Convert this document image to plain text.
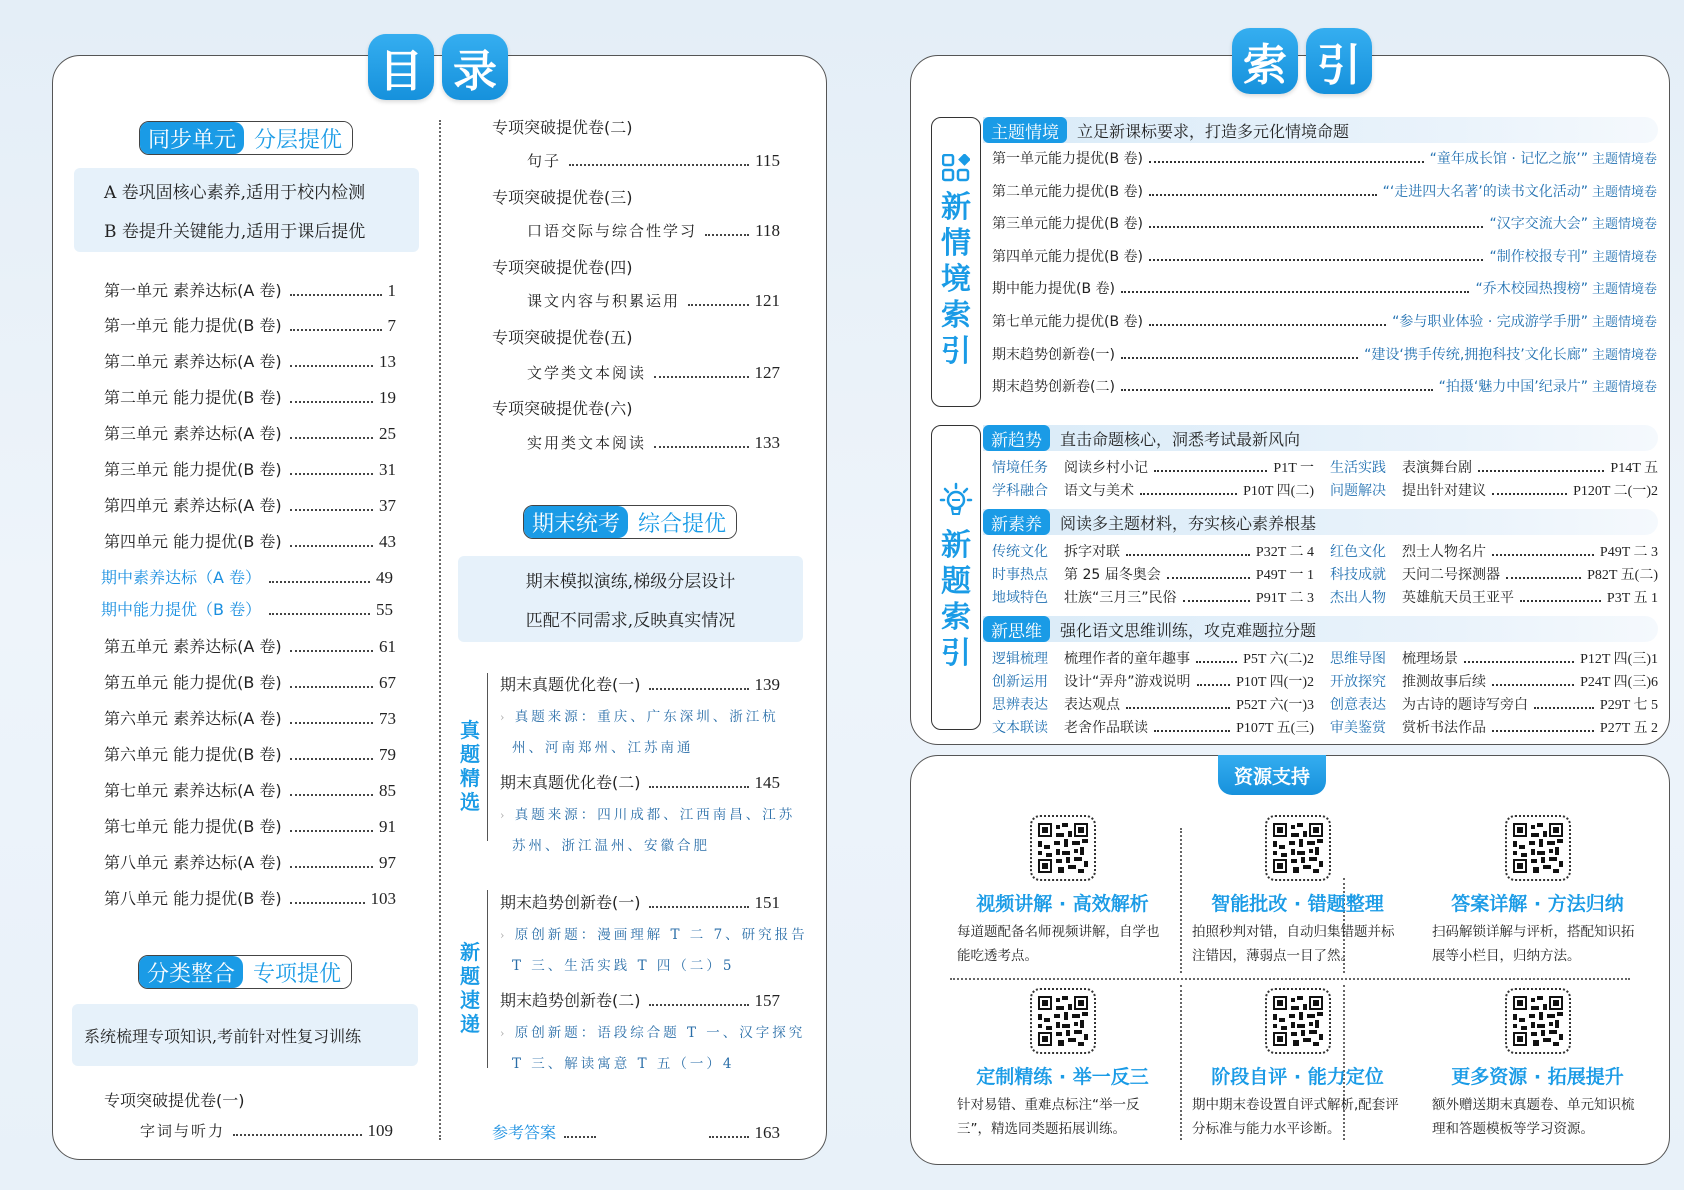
目 录
同步单元 分层提优
A 卷巩固核心素养,适用于校内检测
B 卷提升关键能力,适用于课后提优
第一单元 素养达标(A 卷)	1
第一单元 能力提优(B 卷)	7
第二单元 素养达标(A 卷)	13
第二单元 能力提优(B 卷)	19
第三单元 素养达标(A 卷)	25
第三单元 能力提优(B 卷)	31
第四单元 素养达标(A 卷)	37
第四单元 能力提优(B 卷)	43
期中素养达标（A 卷）	49
期中能力提优（B 卷）	55
第五单元 素养达标(A 卷)	61
第五单元 能力提优(B 卷)	67
第六单元 素养达标(A 卷)	73
第六单元 能力提优(B 卷)	79
第七单元 素养达标(A 卷)	85
第七单元 能力提优(B 卷)	91
第八单元 素养达标(A 卷)	97
第八单元 能力提优(B 卷)	103
分类整合 专项提优
系统梳理专项知识,考前针对性复习训练
专项突破提优卷(一)
字词与听力	109
专项突破提优卷(二)
句子	115
专项突破提优卷(三)
口语交际与综合性学习	118
专项突破提优卷(四)
课文内容与积累运用	121
专项突破提优卷(五)
文学类文本阅读	127
专项突破提优卷(六)
实用类文本阅读	133
期末统考 综合提优
期末模拟演练,梯级分层设计
匹配不同需求,反映真实情况
真
题
精
选
新
题
速
递
期末真题优化卷(一)	139
› 真题来源：重庆、广东深圳、浙江杭
州、河南郑州、江苏南通
期末真题优化卷(二)	145
› 真题来源：四川成都、江西南昌、江苏
苏州、浙江温州、安徽合肥
期末趋势创新卷(一)	151
› 原创新题：漫画理解 T 二 7、研究报告
T 三、生活实践 T 四（二）5
期末趋势创新卷(二)	157
› 原创新题：语段综合题 T 一、汉字探究
T 三、解读寓意 T 五（一）4
参考答案	163
索 引
新
情
境
索
引
主题情境	立足新课标要求，打造多元化情境命题
第一单元能力提优(B 卷)	“童年成长馆 · 记忆之旅’” 主题情境卷
第二单元能力提优(B 卷)	“‘走进四大名著’的读书文化活动” 主题情境卷
第三单元能力提优(B 卷)	“汉字交流大会” 主题情境卷
第四单元能力提优(B 卷)	“制作校报专刊” 主题情境卷
期中能力提优(B 卷)	“乔木校园热搜榜” 主题情境卷
第七单元能力提优(B 卷)	“参与职业体验 · 完成游学手册” 主题情境卷
期末趋势创新卷(一)	“建设‘携手传统,拥抱科技’文化长廊” 主题情境卷
期末趋势创新卷(二)	“拍摄‘魅力中国’纪录片” 主题情境卷
新
题
索
引
新趋势	直击命题核心，洞悉考试最新风向
情境任务	阅读乡村小记	P1T 一 生活实践	表演舞台剧	P14T 五
学科融合	语文与美术	P10T 四(二) 问题解决	提出针对建议	P120T 二(一)2
新素养	阅读多主题材料，夯实核心素养根基
传统文化	拆字对联	P32T 二 4 红色文化	烈士人物名片	P49T 二 3
时事热点	第 25 届冬奥会	P49T 一 1 科技成就	天问二号探测器	P82T 五(二)
地域特色	壮族“三月三”民俗	P91T 二 3 杰出人物	英雄航天员王亚平	P3T 五 1
新思维	强化语文思维训练，攻克难题拉分题
逻辑梳理	梳理作者的童年趣事	P5T 六(二)2 思维导图	梳理场景	P12T 四(三)1
创新运用	设计“弄舟”游戏说明	P10T 四(一)2 开放探究	推测故事后续	P24T 四(三)6
思辨表达	表达观点	P52T 六(一)3 创意表达	为古诗的题诗写旁白	P29T 七 5
文本联读	老舍作品联读	P107T 五(三) 审美鉴赏	赏析书法作品	P27T 五 2
资源支持
视频讲解 · 高效解析
每道题配备名师视频讲解，自学也能吃透考点。
智能批改 · 错题整理
拍照秒判对错，自动归集错题并标注错因，薄弱点一目了然。
答案详解 · 方法归纳
扫码解锁详解与评析，搭配知识拓展等小栏目，归纳方法。
定制精练 · 举一反三
针对易错、重难点标注“举一反三”，精选同类题拓展训练。
阶段自评 · 能力定位
期中期末卷设置自评式解析,配套评分标准与能力水平诊断。
更多资源 · 拓展提升
额外赠送期末真题卷、单元知识梳理和答题模板等学习资源。
